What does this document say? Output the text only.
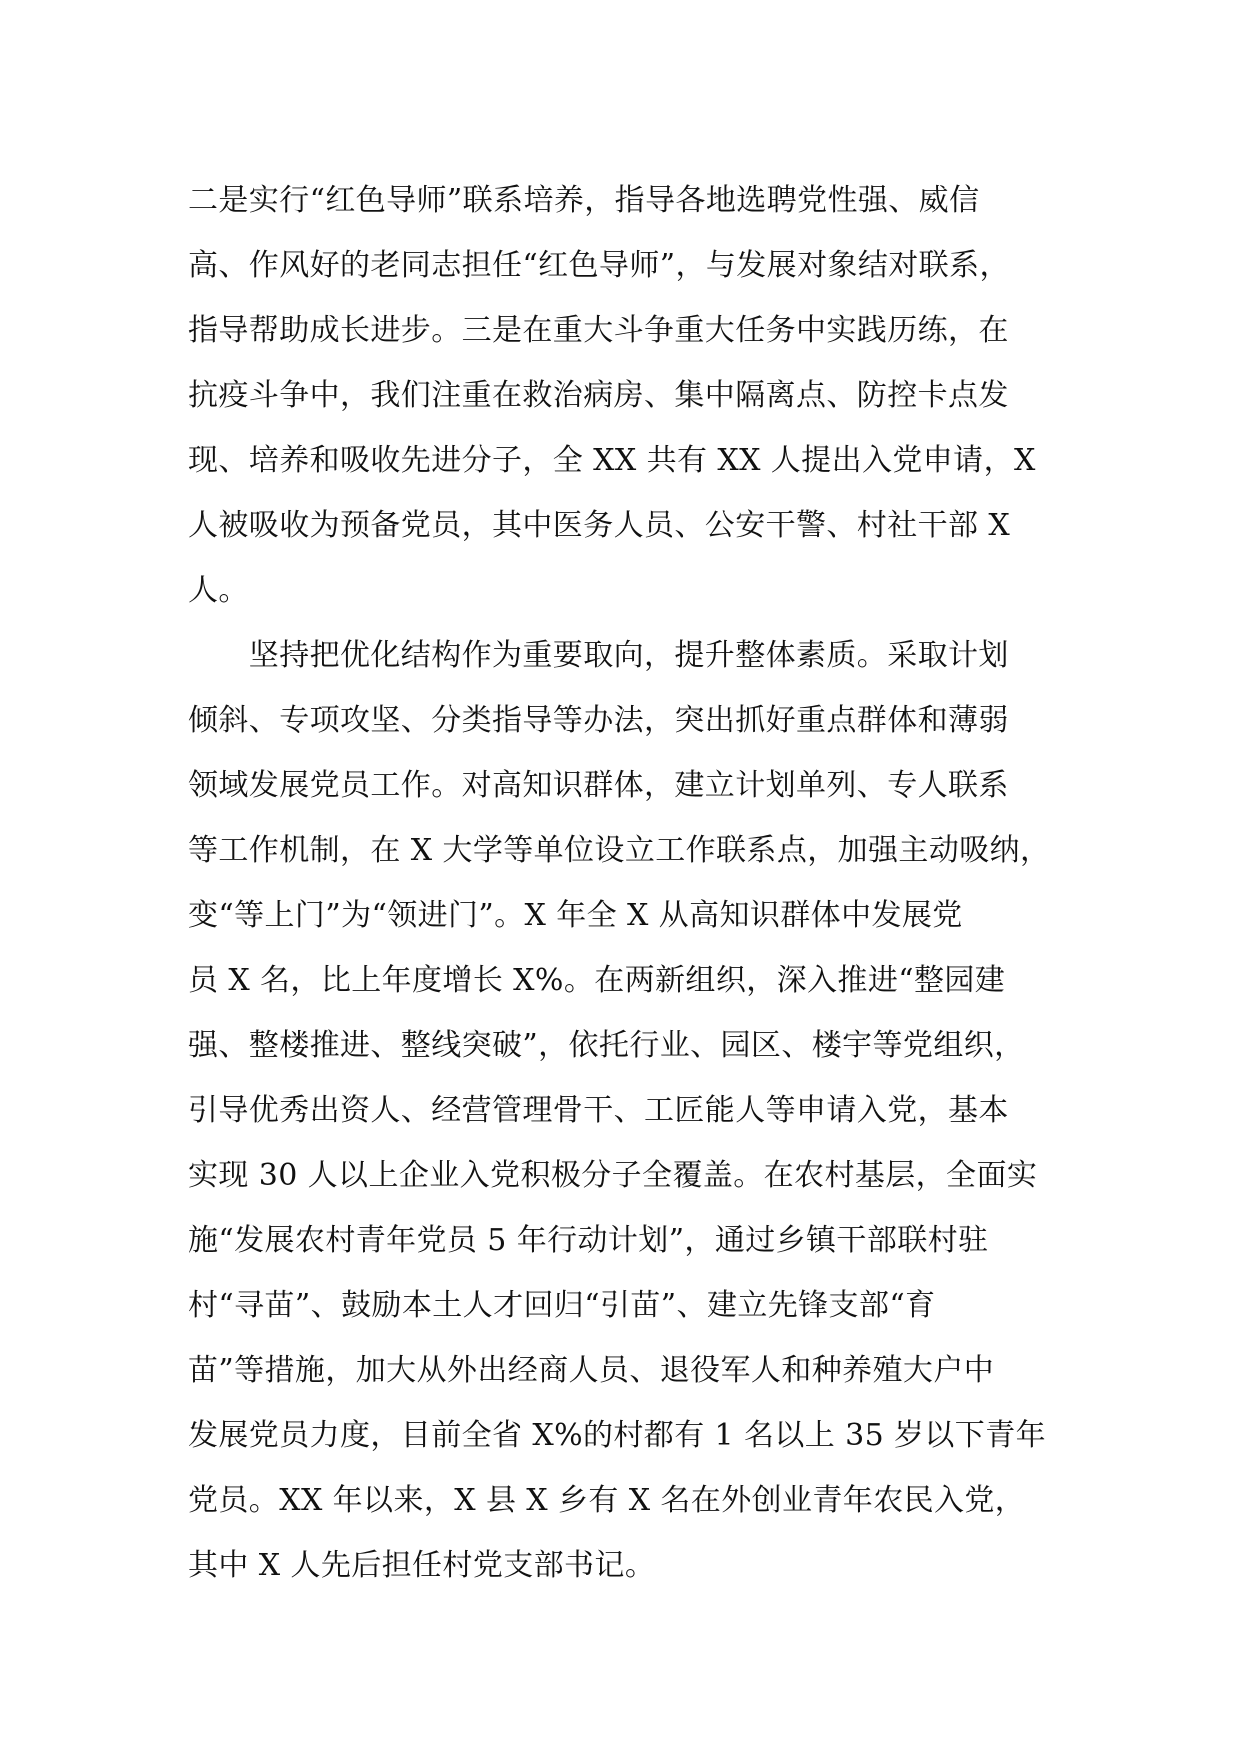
二是实行“红色导师”联系培养，指导各地选聘党性强、威信
高、作风好的老同志担任“红色导师”，与发展对象结对联系，
指导帮助成长进步。三是在重大斗争重大任务中实践历练，在
抗疫斗争中，我们注重在救治病房、集中隔离点、防控卡点发
现、培养和吸收先进分子，全 XX 共有 XX 人提出入党申请，X
人被吸收为预备党员，其中医务人员、公安干警、村社干部 X
人。
　　坚持把优化结构作为重要取向，提升整体素质。采取计划
倾斜、专项攻坚、分类指导等办法，突出抓好重点群体和薄弱
领域发展党员工作。对高知识群体，建立计划单列、专人联系
等工作机制，在 X 大学等单位设立工作联系点，加强主动吸纳，
变“等上门”为“领进门”。X 年全 X 从高知识群体中发展党
员 X 名，比上年度增长 X%。在两新组织，深入推进“整园建
强、整楼推进、整线突破”，依托行业、园区、楼宇等党组织，
引导优秀出资人、经营管理骨干、工匠能人等申请入党，基本
实现 30 人以上企业入党积极分子全覆盖。在农村基层，全面实
施“发展农村青年党员 5 年行动计划”，通过乡镇干部联村驻
村“寻苗”、鼓励本土人才回归“引苗”、建立先锋支部“育
苗”等措施，加大从外出经商人员、退役军人和种养殖大户中
发展党员力度，目前全省 X%的村都有 1 名以上 35 岁以下青年
党员。XX 年以来，X 县 X 乡有 X 名在外创业青年农民入党，
其中 X 人先后担任村党支部书记。
